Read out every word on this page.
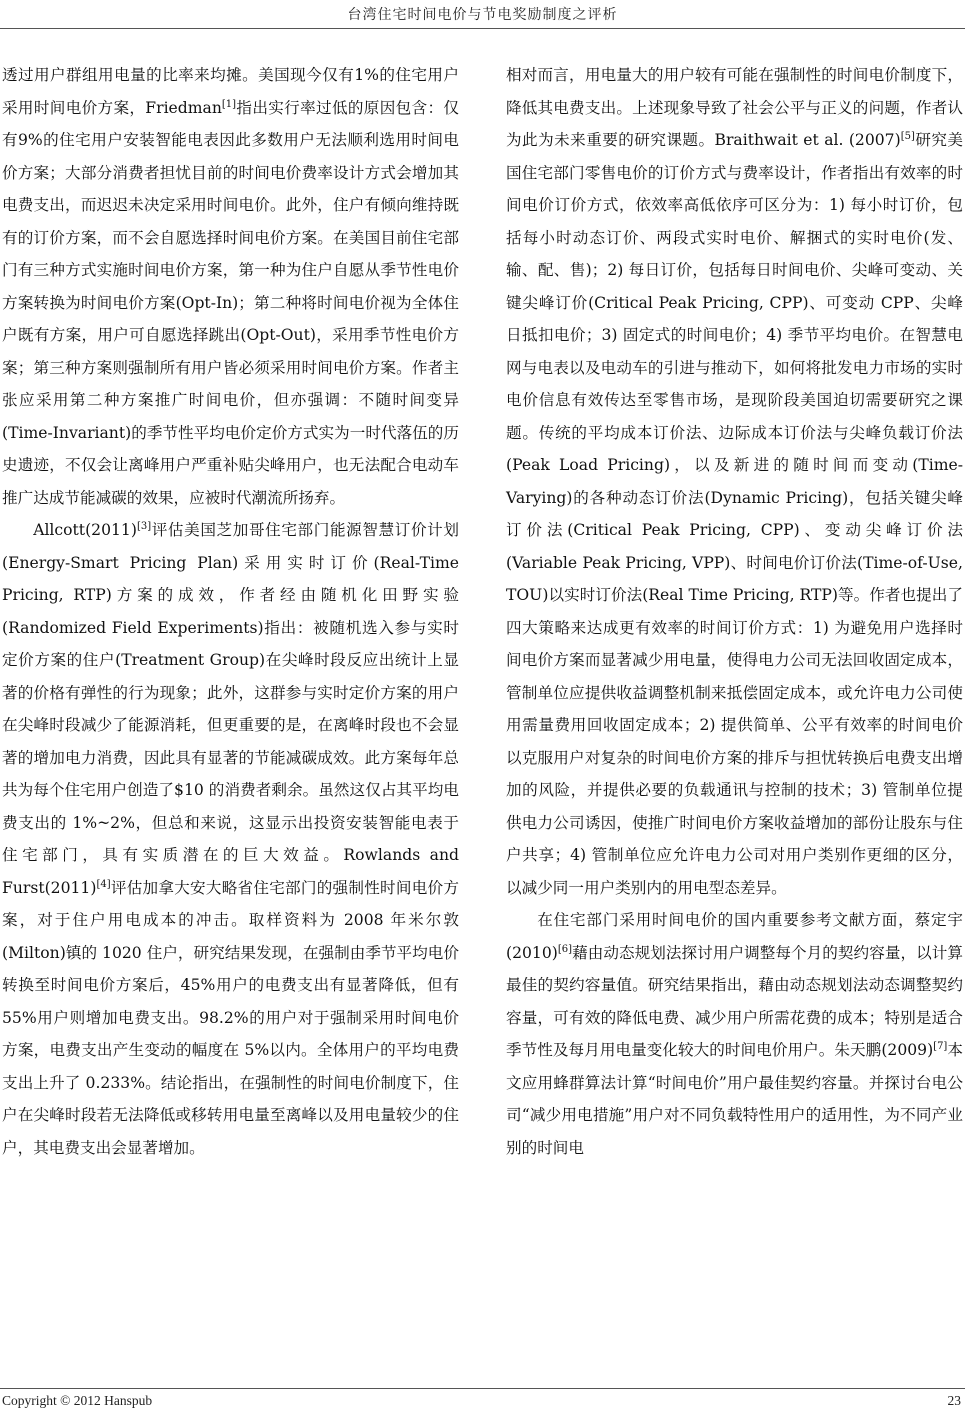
台湾住宅时间电价与节电奖励制度之评析

透过用户群组用电量的比率来均摊。美国现今仅有1%的住宅用户采用时间电价方案，Friedman[1]指出实行率过低的原因包含：仅有9%的住宅用户安装智能电表因此多数用户无法顺利选用时间电价方案；大部分消费者担忧目前的时间电价费率设计方式会增加其电费支出，而迟迟未决定采用时间电价。此外，住户有倾向维持既有的订价方案，而不会自愿选择时间电价方案。在美国目前住宅部门有三种方式实施时间电价方案，第一种为住户自愿从季节性电价方案转换为时间电价方案(Opt-In)；第二种将时间电价视为全体住户既有方案，用户可自愿选择跳出(Opt-Out)，采用季节性电价方案；第三种方案则强制所有用户皆必须采用时间电价方案。作者主张应采用第二种方案推广时间电价，但亦强调：不随时间变异(Time-Invariant)的季节性平均电价定价方式实为一时代落伍的历史遗迹，不仅会让离峰用户严重补贴尖峰用户，也无法配合电动车推广达成节能减碳的效果，应被时代潮流所扬弃。

Allcott(2011)[3]评估美国芝加哥住宅部门能源智慧订价计划(Energy-Smart Pricing Plan)采用实时订价(Real-Time Pricing, RTP)方案的成效，作者经由随机化田野实验(Randomized Field Experiments)指出：被随机选入参与实时定价方案的住户(Treatment Group)在尖峰时段反应出统计上显著的价格有弹性的行为现象；此外，这群参与实时定价方案的用户在尖峰时段减少了能源消耗，但更重要的是，在离峰时段也不会显著的增加电力消费，因此具有显著的节能减碳成效。此方案每年总共为每个住宅用户创造了$10 的消费者剩余。虽然这仅占其平均电费支出的 1%~2%，但总和来说，这显示出投资安装智能电表于住宅部门，具有实质潜在的巨大效益。Rowlands and Furst(2011)[4]评估加拿大安大略省住宅部门的强制性时间电价方案，对于住户用电成本的冲击。取样资料为 2008 年米尔敦(Milton)镇的 1020 住户，研究结果发现，在强制由季节平均电价转换至时间电价方案后，45%用户的电费支出有显著降低，但有 55%用户则增加电费支出。98.2%的用户对于强制采用时间电价方案，电费支出产生变动的幅度在 5%以内。全体用户的平均电费支出上升了 0.233%。结论指出，在强制性的时间电价制度下，住户在尖峰时段若无法降低或移转用电量至离峰以及用电量较少的住户，其电费支出会显著增加。

相对而言，用电量大的用户较有可能在强制性的时间电价制度下，降低其电费支出。上述现象导致了社会公平与正义的问题，作者认为此为未来重要的研究课题。Braithwait et al. (2007)[5]研究美国住宅部门零售电价的订价方式与费率设计，作者指出有效率的时间电价订价方式，依效率高低依序可区分为：1) 每小时订价，包括每小时动态订价、两段式实时电价、解捆式的实时电价(发、输、配、售)；2) 每日订价，包括每日时间电价、尖峰可变动、关键尖峰订价(Critical Peak Pricing, CPP)、可变动 CPP、尖峰日抵扣电价；3) 固定式的时间电价；4) 季节平均电价。在智慧电网与电表以及电动车的引进与推动下，如何将批发电力市场的实时电价信息有效传达至零售市场，是现阶段美国迫切需要研究之课题。传统的平均成本订价法、边际成本订价法与尖峰负载订价法(Peak Load Pricing)，以及新进的随时间而变动(Time-Varying)的各种动态订价法(Dynamic Pricing)，包括关键尖峰订价法(Critical Peak Pricing, CPP)、变动尖峰订价法(Variable Peak Pricing, VPP)、时间电价订价法(Time-of-Use, TOU)以实时订价法(Real Time Pricing, RTP)等。作者也提出了四大策略来达成更有效率的时间订价方式：1) 为避免用户选择时间电价方案而显著减少用电量，使得电力公司无法回收固定成本，管制单位应提供收益调整机制来抵偿固定成本，或允许电力公司使用需量费用回收固定成本；2) 提供简单、公平有效率的时间电价以克服用户对复杂的时间电价方案的排斥与担忧转换后电费支出增加的风险，并提供必要的负载通讯与控制的技术；3) 管制单位提供电力公司诱因，使推广时间电价方案收益增加的部份让股东与住户共享；4) 管制单位应允许电力公司对用户类别作更细的区分，以减少同一用户类别内的用电型态差异。

在住宅部门采用时间电价的国内重要参考文献方面，蔡定宇(2010)[6]藉由动态规划法探讨用户调整每个月的契约容量，以计算最佳的契约容量值。研究结果指出，藉由动态规划法动态调整契约容量，可有效的降低电费、减少用户所需花费的成本；特别是适合季节性及每月用电量变化较大的时间电价用户。朱天鹏(2009)[7]本文应用蜂群算法计算“时间电价”用户最佳契约容量。并探讨台电公司“减少用电措施”用户对不同负载特性用户的适用性，为不同产业别的时间电

Copyright © 2012 Hanspub	23
